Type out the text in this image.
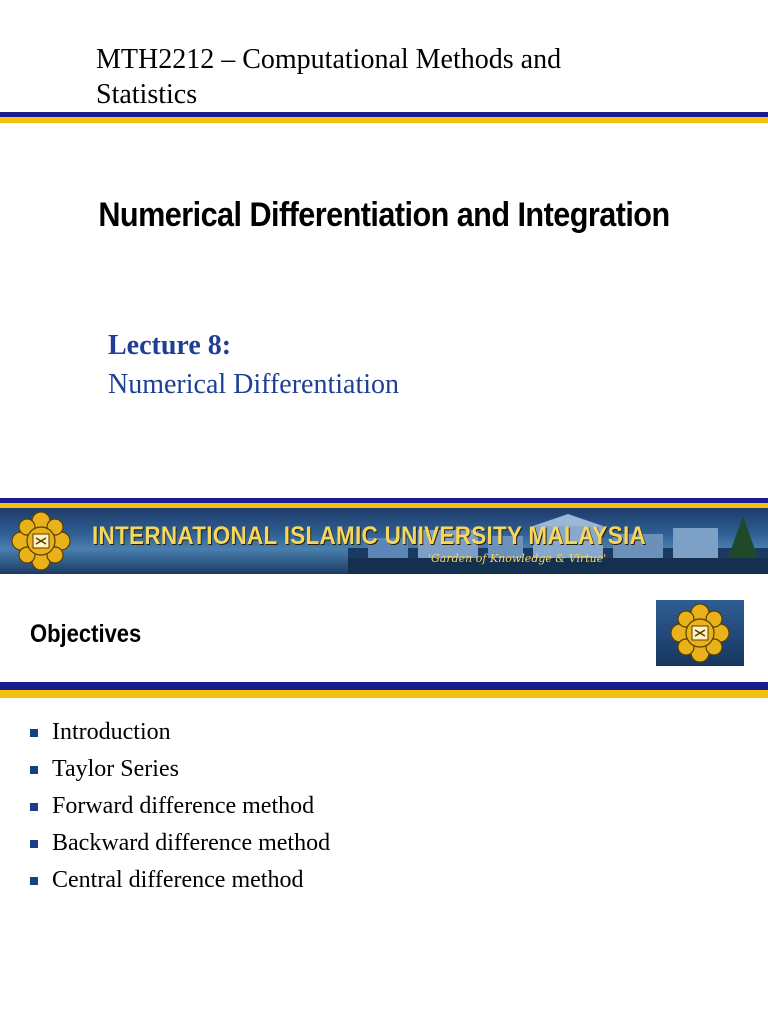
MTH2212 – Computational Methods and Statistics
Numerical Differentiation and Integration
Lecture 8:
Numerical Differentiation
INTERNATIONAL ISLAMIC UNIVERSITY MALAYSIA
'Garden of Knowledge & Virtue'
Objectives
Introduction
Taylor Series
Forward difference method
Backward difference method
Central difference method
